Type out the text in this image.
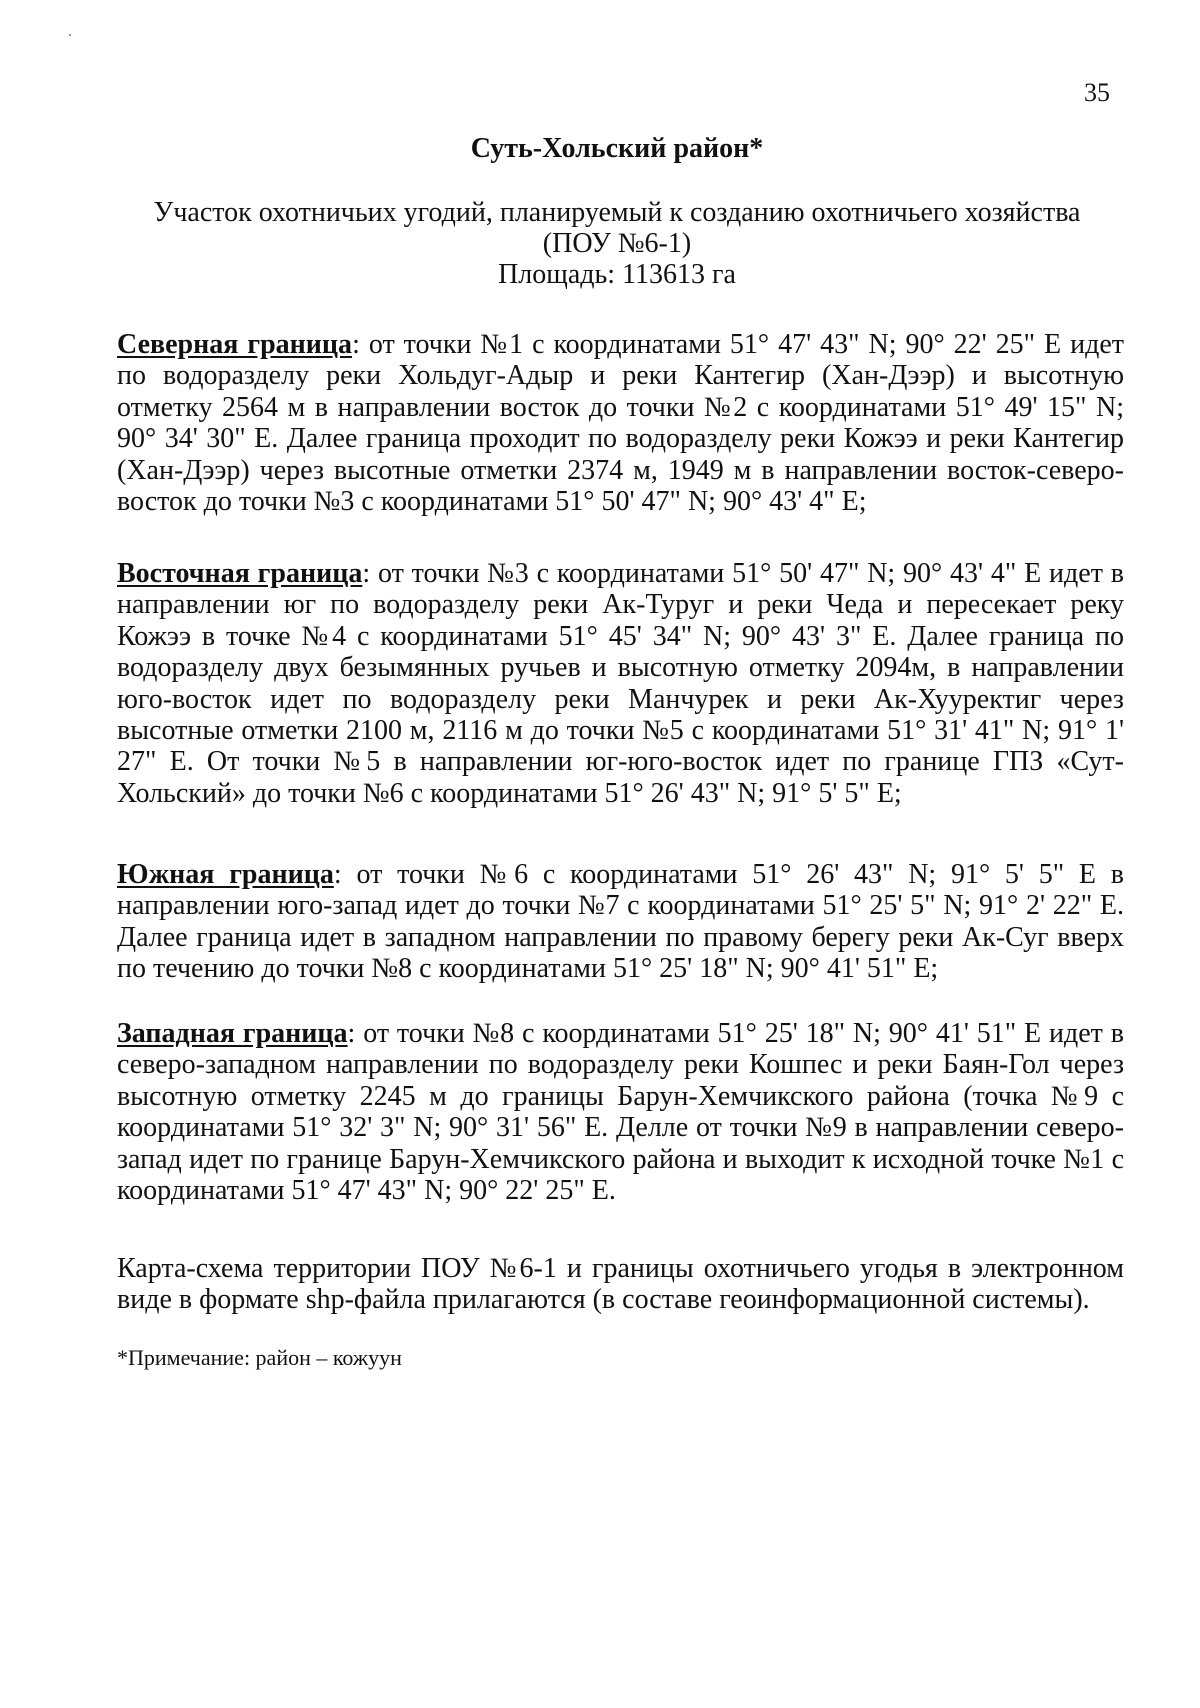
35
Суть-Хольский район*
Участок охотничьих угодий, планируемый к созданию охотничьего хозяйства
(ПОУ №6-1)
Площадь: 113613 га
Северная граница: от точки №1 с координатами 51° 47' 43" N; 90° 22' 25" E идет по водоразделу реки Хольдуг-Адыр и реки Кантегир (Хан-Дээр) и высотную отметку 2564 м в направлении восток до точки №2 с координатами 51° 49' 15" N; 90° 34' 30" E. Далее граница проходит по водоразделу реки Кожээ и реки Кантегир (Хан-Дээр) через высотные отметки 2374 м, 1949 м в направлении восток-северо-восток до точки №3 с координатами 51° 50' 47" N; 90° 43' 4" E;
Восточная граница: от точки №3 с координатами 51° 50' 47" N; 90° 43' 4" E идет в направлении юг по водоразделу реки Ак-Туруг и реки Чеда и пересекает реку Кожээ в точке №4 с координатами 51° 45' 34" N; 90° 43' 3" E. Далее граница по водоразделу двух безымянных ручьев и высотную отметку 2094м, в направлении юго-восток идет по водоразделу реки Манчурек и реки Ак-Хууректиг через высотные отметки 2100 м, 2116 м до точки №5 с координатами 51° 31' 41" N; 91° 1' 27" E. От точки №5 в направлении юг-юго-восток идет по границе ГПЗ «Сут-Хольский» до точки №6 с координатами 51° 26' 43" N; 91° 5' 5" E;
Южная граница: от точки №6 с координатами 51° 26' 43" N; 91° 5' 5" E в направлении юго-запад идет до точки №7 с координатами 51° 25' 5" N; 91° 2' 22" E. Далее граница идет в западном направлении по правому берегу реки Ак-Суг вверх по течению до точки №8 с координатами 51° 25' 18" N; 90° 41' 51" E;
Западная граница: от точки №8 с координатами 51° 25' 18" N; 90° 41' 51" E идет в северо-западном направлении по водоразделу реки Кошпес и реки Баян-Гол через высотную отметку 2245 м до границы Барун-Хемчикского района (точка №9 с координатами 51° 32' 3" N; 90° 31' 56" E. Делле от точки №9 в направлении северо-запад идет по границе Барун-Хемчикского района и выходит к исходной точке №1 с координатами 51° 47' 43" N; 90° 22' 25" E.
Карта-схема территории ПОУ №6-1 и границы охотничьего угодья в электронном виде в формате shp-файла прилагаются (в составе геоинформационной системы).
*Примечание: район – кожуун
